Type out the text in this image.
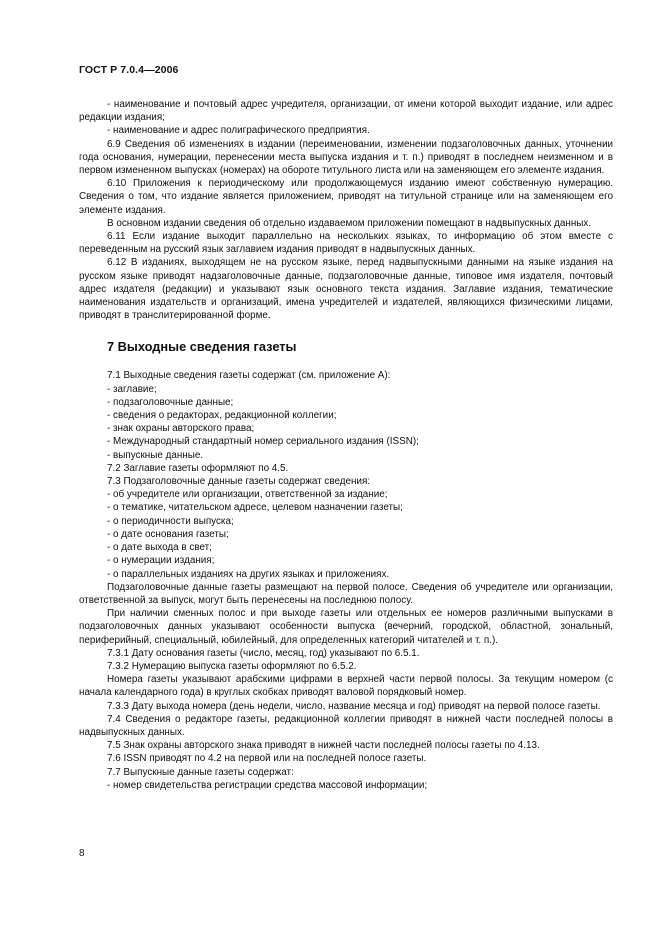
ГОСТ Р 7.0.4—2006

- наименование и почтовый адрес учредителя, организации, от имени которой выходит издание, или адрес редакции издания;

- наименование и адрес полиграфического предприятия.

6.9 Сведения об изменениях в издании (переименовании, изменении подзаголовочных данных, уточнении года основания, нумерации, перенесении места выпуска издания и т. п.) приводят в последнем неизменном и в первом измененном выпусках (номерах) на обороте титульного листа или на заменяющем его элементе издания.

6.10 Приложения к периодическому или продолжающемуся изданию имеют собственную нумерацию. Сведения о том, что издание является приложением, приводят на титульной странице или на заменяющем его элементе издания.

В основном издании сведения об отдельно издаваемом приложении помещают в надвыпускных данных.

6.11 Если издание выходит параллельно на нескольких языках, то информацию об этом вместе с переведенным на русский язык заглавием издания приводят в надвыпускных данных.

6.12 В изданиях, выходящем не на русском языке, перед надвыпускными данными на языке издания на русском языке приводят надзаголовочные данные, подзаголовочные данные, типовое имя издателя, почтовый адрес издателя (редакции) и указывают язык основного текста издания. Заглавие издания, тематические наименования издательств и организаций, имена учредителей и издателей, являющихся физическими лицами, приводят в транслитерированной форме.

7 Выходные сведения газеты

7.1 Выходные сведения газеты содержат (см. приложение А):

- заглавие;

- подзаголовочные данные;

- сведения о редакторах, редакционной коллегии;

- знак охраны авторского права;

- Международный стандартный номер сериального издания (ISSN);

- выпускные данные.

7.2 Заглавие газеты оформляют по 4.5.

7.3 Подзаголовочные данные газеты содержат сведения:

- об учредителе или организации, ответственной за издание;

- о тематике, читательском адресе, целевом назначении газеты;

- о периодичности выпуска;

- о дате основания газеты;

- о дате выхода в свет;

- о нумерации издания;

- о параллельных изданиях на других языках и приложениях.

Подзаголовочные данные газеты размещают на первой полосе. Сведения об учредителе или организации, ответственной за выпуск, могут быть перенесены на последнюю полосу.

При наличии сменных полос и при выходе газеты или отдельных ее номеров различными выпусками в подзаголовочных данных указывают особенности выпуска (вечерний, городской, областной, зональный, периферийный, специальный, юбилейный, для определенных категорий читателей и т. п.).

7.3.1 Дату основания газеты (число, месяц, год) указывают по 6.5.1.

7.3.2 Нумерацию выпуска газеты оформляют по 6.5.2.

Номера газеты указывают арабскими цифрами в верхней части первой полосы. За текущим номером (с начала календарного года) в круглых скобках приводят валовой порядковый номер.

7.3.3 Дату выхода номера (день недели, число, название месяца и год) приводят на первой полосе газеты.

7.4 Сведения о редакторе газеты, редакционной коллегии приводят в нижней части последней полосы в надвыпускных данных.

7.5 Знак охраны авторского знака приводят в нижней части последней полосы газеты по 4.13.

7.6 ISSN приводят по 4.2 на первой или на последней полосе газеты.

7.7 Выпускные данные газеты содержат:

- номер свидетельства регистрации средства массовой информации;

8
